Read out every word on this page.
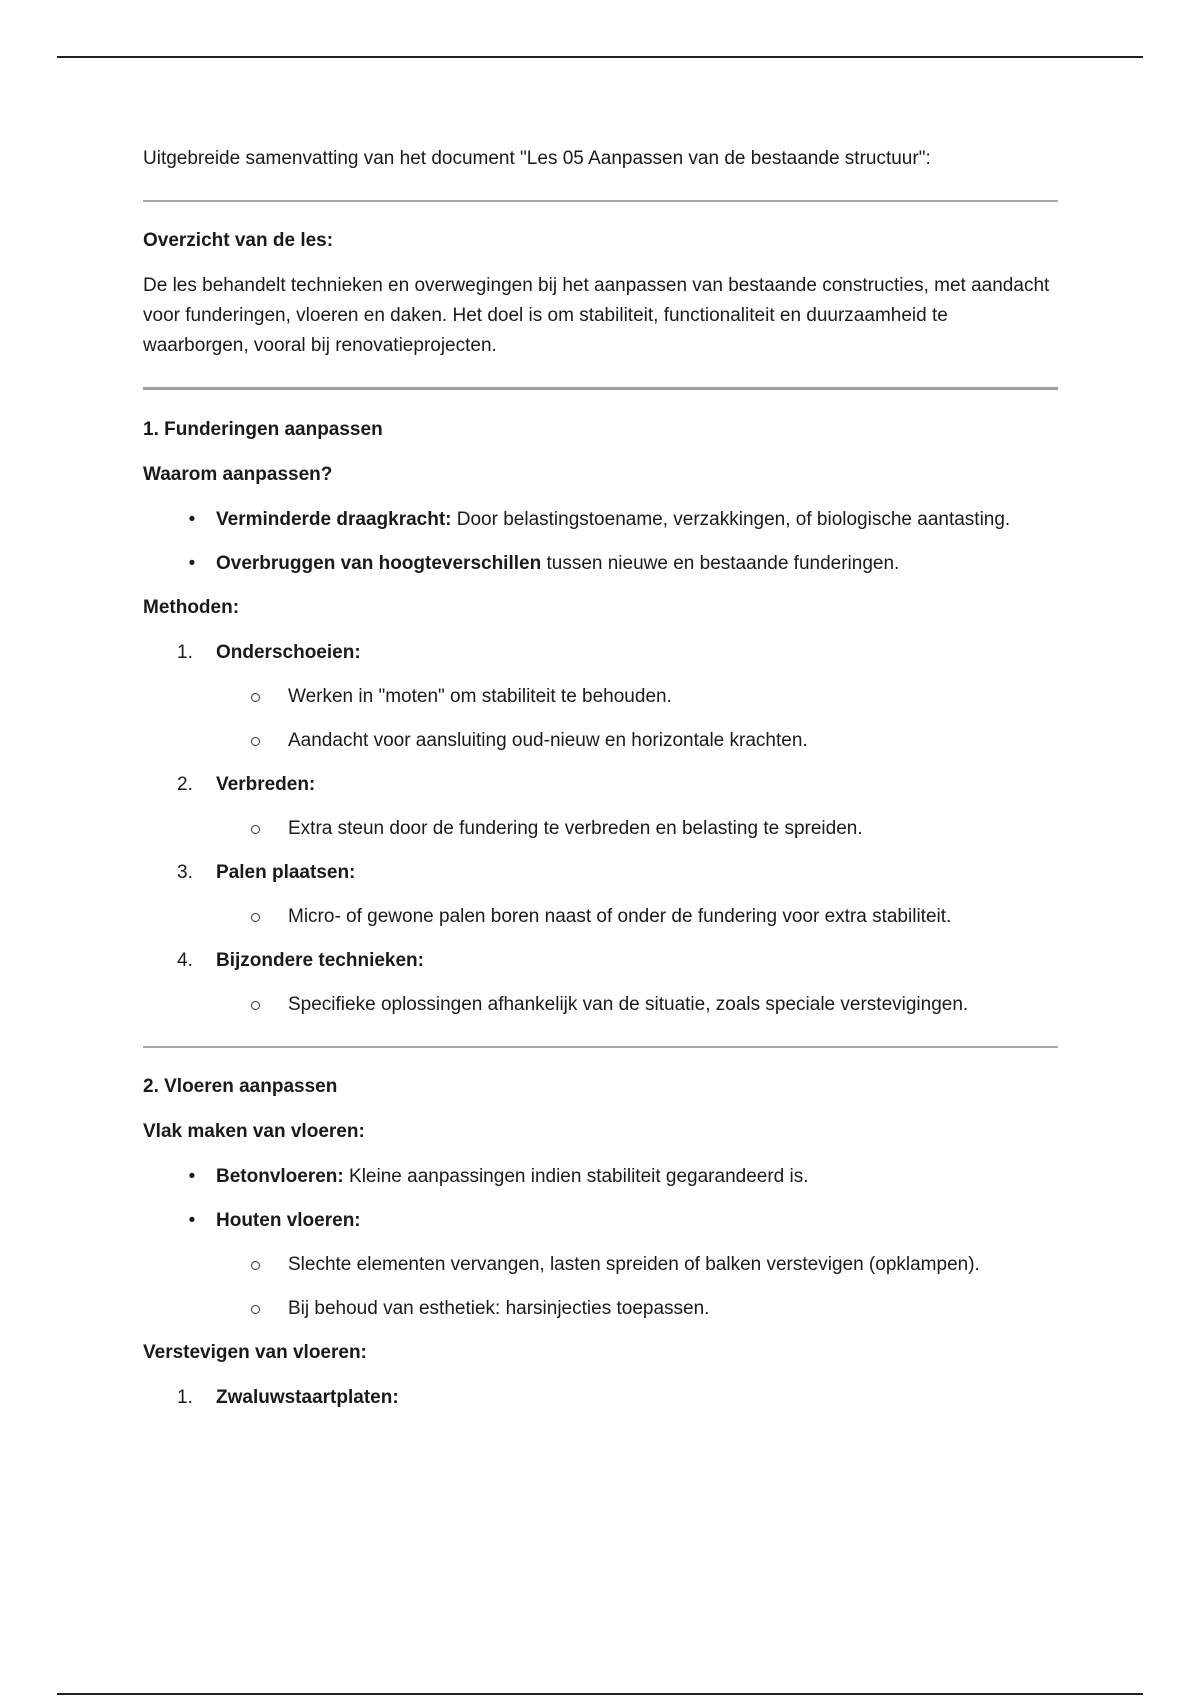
Uitgebreide samenvatting van het document "Les 05 Aanpassen van de bestaande structuur":

Overzicht van de les:

De les behandelt technieken en overwegingen bij het aanpassen van bestaande constructies, met aandacht voor funderingen, vloeren en daken. Het doel is om stabiliteit, functionaliteit en duurzaamheid te waarborgen, vooral bij renovatieprojecten.

1. Funderingen aanpassen

Waarom aanpassen?

•	Verminderde draagkracht: Door belastingstoename, verzakkingen, of biologische aantasting.
•	Overbruggen van hoogteverschillen tussen nieuwe en bestaande funderingen.

Methoden:

1. Onderschoeien:
Werken in "moten" om stabiliteit te behouden.
Aandacht voor aansluiting oud-nieuw en horizontale krachten.
2. Verbreden:
Extra steun door de fundering te verbreden en belasting te spreiden.
3. Palen plaatsen:
Micro- of gewone palen boren naast of onder de fundering voor extra stabiliteit.
4. Bijzondere technieken:
Specifieke oplossingen afhankelijk van de situatie, zoals speciale verstevigingen.

2. Vloeren aanpassen

Vlak maken van vloeren:

•	Betonvloeren: Kleine aanpassingen indien stabiliteit gegarandeerd is.
•	Houten vloeren:
Slechte elementen vervangen, lasten spreiden of balken verstevigen (opklampen).
Bij behoud van esthetiek: harsinjecties toepassen.

Verstevigen van vloeren:

1. Zwaluwstaartplaten:
